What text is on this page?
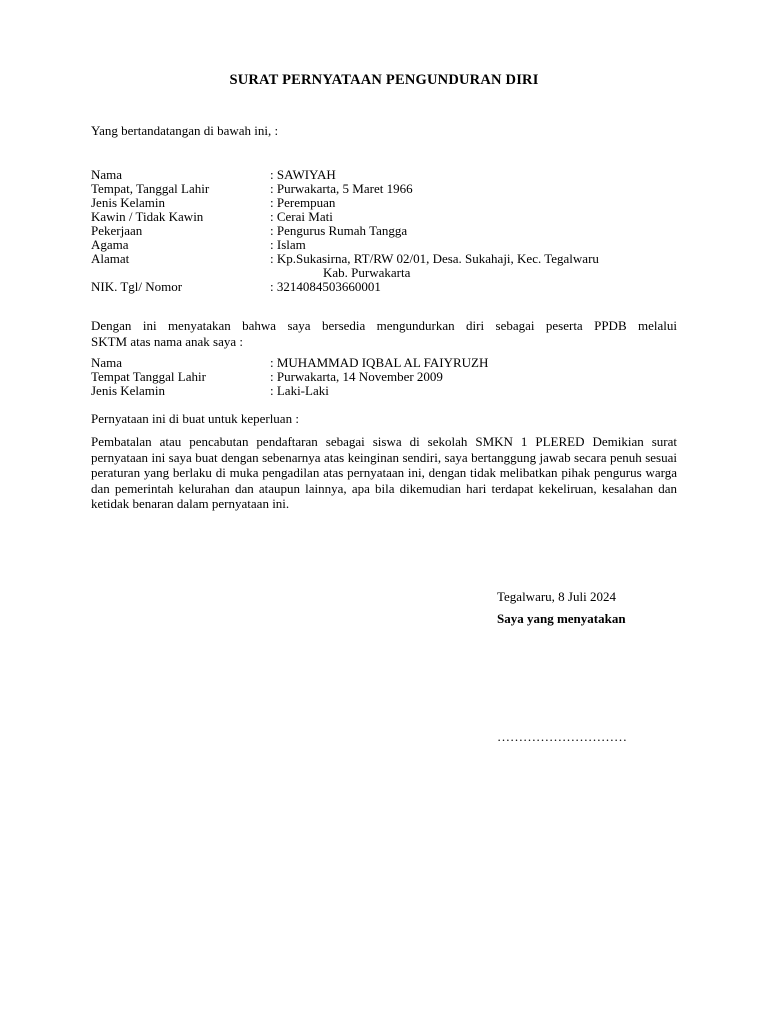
SURAT PERNYATAAN PENGUNDURAN DIRI
Yang bertandatangan di bawah ini, :
Nama	: SAWIYAH
Tempat, Tanggal Lahir	: Purwakarta, 5 Maret 1966
Jenis Kelamin	: Perempuan
Kawin / Tidak Kawin	: Cerai Mati
Pekerjaan	: Pengurus Rumah Tangga
Agama	: Islam
Alamat	: Kp.Sukasirna, RT/RW 02/01, Desa. Sukahaji, Kec. Tegalwaru
Kab. Purwakarta
NIK. Tgl/ Nomor	: 3214084503660001
Dengan ini menyatakan bahwa saya bersedia mengundurkan diri sebagai peserta PPDB melalui
SKTM atas nama anak saya :
Nama	: MUHAMMAD IQBAL AL FAIYRUZH
Tempat Tanggal Lahir	: Purwakarta, 14 November 2009
Jenis Kelamin	: Laki-Laki
Pernyataan ini di buat untuk keperluan :
Pembatalan atau pencabutan pendaftaran sebagai siswa di sekolah SMKN 1 PLERED Demikian surat pernyataan ini saya buat dengan sebenarnya atas keinginan sendiri, saya bertanggung jawab secara penuh sesuai peraturan yang berlaku di muka pengadilan atas pernyataan ini, dengan tidak melibatkan pihak pengurus warga dan pemerintah kelurahan dan ataupun lainnya, apa bila dikemudian hari terdapat kekeliruan, kesalahan dan ketidak benaran dalam pernyataan ini.
Tegalwaru, 8 Juli 2024
Saya yang menyatakan
…………………………
